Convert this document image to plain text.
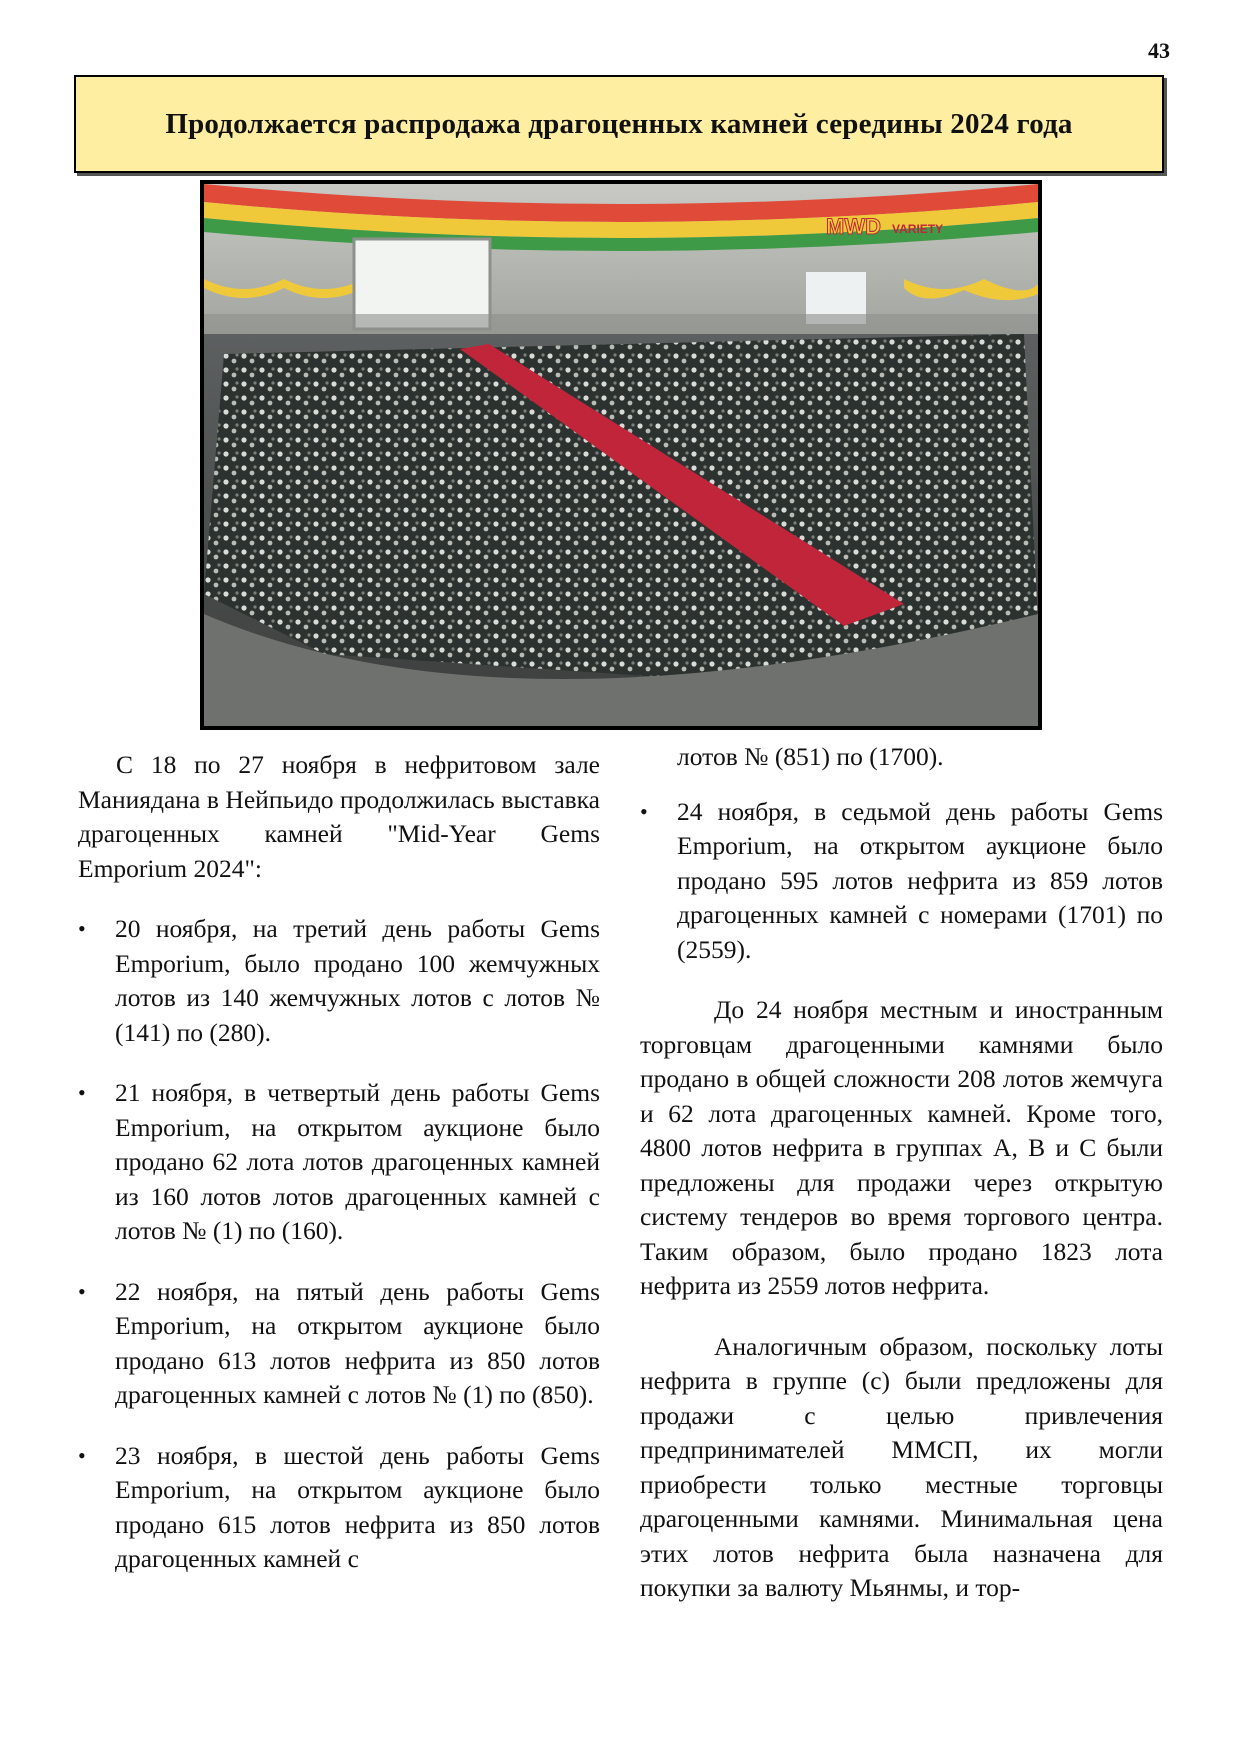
43
Продолжается распродажа драгоценных камней середины 2024 года
MWD VARIETY

С 18 по 27 ноября в нефритовом зале Маниядана в Нейпьидо продолжилась выставка драгоценных камней "Mid-Year Gems Emporium 2024":

• 20 ноября, на третий день работы Gems Emporium, было продано 100 жемчужных лотов из 140 жемчужных лотов с лотов № (141) по (280).
• 21 ноября, в четвертый день работы Gems Emporium, на открытом аукционе было продано 62 лота лотов драгоценных камней из 160 лотов лотов драгоценных камней с лотов № (1) по (160).
• 22 ноября, на пятый день работы Gems Emporium, на открытом аукционе было продано 613 лотов нефрита из 850 лотов драгоценных камней с лотов № (1) по (850).
• 23 ноября, в шестой день работы Gems Emporium, на открытом аукционе было продано 615 лотов нефрита из 850 лотов драгоценных камней с

лотов № (851) по (1700).

• 24 ноября, в седьмой день работы Gems Emporium, на открытом аукционе было продано 595 лотов нефрита из 859 лотов драгоценных камней с номерами (1701) по (2559).

До 24 ноября местным и иностранным торговцам драгоценными камнями было продано в общей сложности 208 лотов жемчуга и 62 лота драгоценных камней. Кроме того, 4800 лотов нефрита в группах A, B и C были предложены для продажи через открытую систему тендеров во время торгового центра. Таким образом, было продано 1823 лота нефрита из 2559 лотов нефрита.

Аналогичным образом, поскольку лоты нефрита в группе (с) были предложены для продажи с целью привлечения предпринимателей ММСП, их могли приобрести только местные торговцы драгоценными камнями. Минимальная цена этих лотов нефрита была назначена для покупки за валюту Мьянмы, и тор-
